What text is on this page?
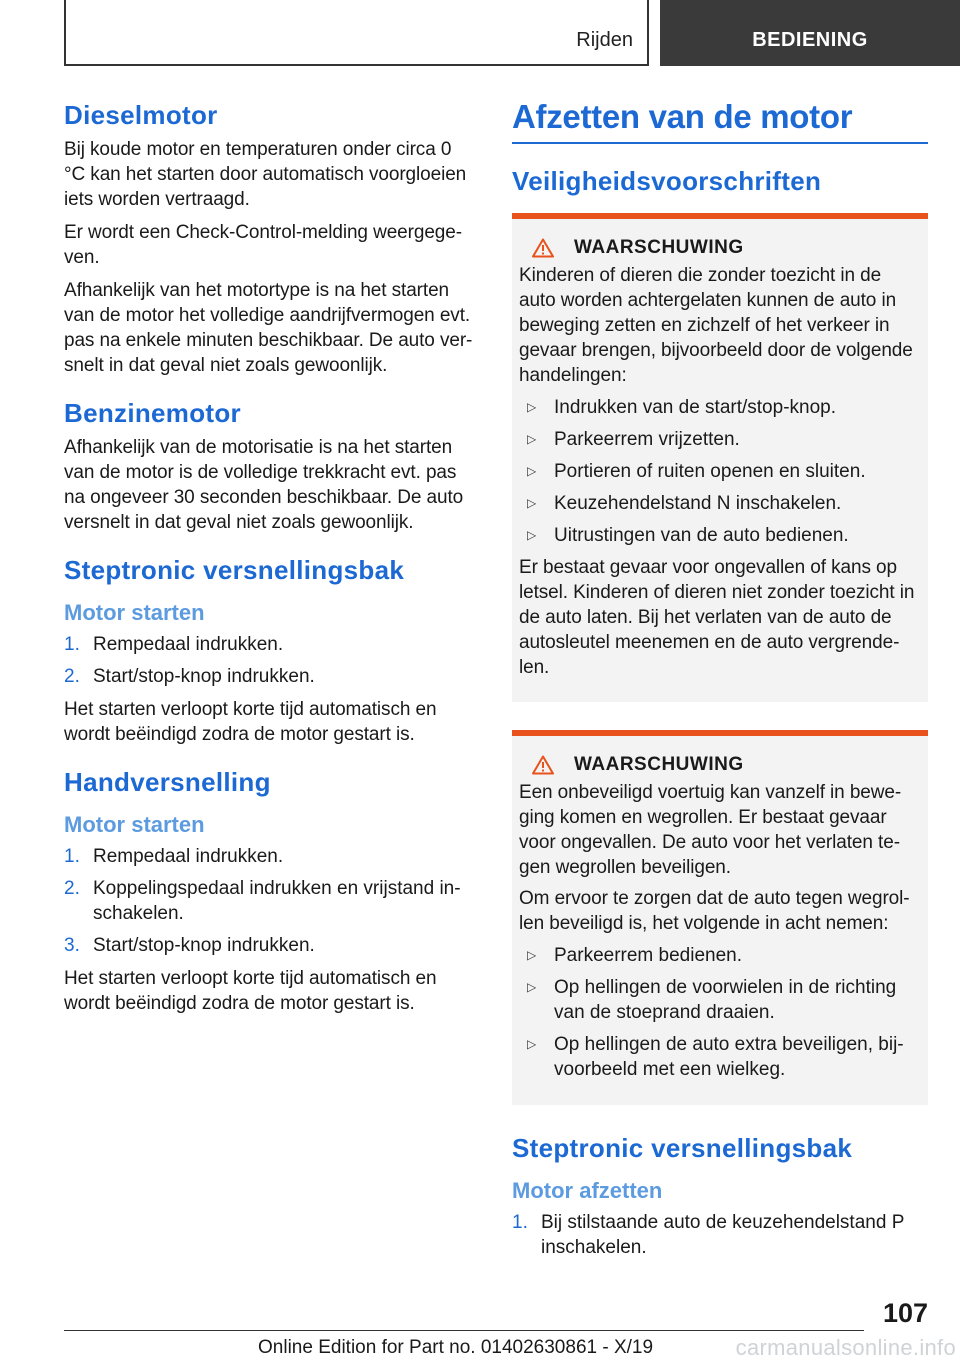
Rijden	BEDIENING
Dieselmotor

Bij koude motor en temperaturen onder circa 0 °C kan het starten door automatisch voorgloeien iets worden vertraagd.

Er wordt een Check-Control-melding weergegeven.

Afhankelijk van het motortype is na het starten van de motor het volledige aandrijfvermogen evt. pas na enkele minuten beschikbaar. De auto versnelt in dat geval niet zoals gewoonlijk.

Benzinemotor

Afhankelijk van de motorisatie is na het starten van de motor is de volledige trekkracht evt. pas na ongeveer 30 seconden beschikbaar. De auto versnelt in dat geval niet zoals gewoonlijk.

Steptronic versnellingsbak
Motor starten
1. Rempedaal indrukken.
2. Start/stop-knop indrukken.

Het starten verloopt korte tijd automatisch en wordt beëindigd zodra de motor gestart is.

Handversnelling
Motor starten
1. Rempedaal indrukken.
2. Koppelingspedaal indrukken en vrijstand inschakelen.
3. Start/stop-knop indrukken.

Het starten verloopt korte tijd automatisch en wordt beëindigd zodra de motor gestart is.

Afzetten van de motor
Veiligheidsvoorschriften
WAARSCHUWING

Kinderen of dieren die zonder toezicht in de auto worden achtergelaten kunnen de auto in beweging zetten en zichzelf of het verkeer in gevaar brengen, bijvoorbeeld door de volgende handelingen:

▷ Indrukken van de start/stop-knop.
▷ Parkeerrem vrijzetten.
▷ Portieren of ruiten openen en sluiten.
▷ Keuzehendelstand N inschakelen.
▷ Uitrustingen van de auto bedienen.

Er bestaat gevaar voor ongevallen of kans op letsel. Kinderen of dieren niet zonder toezicht in de auto laten. Bij het verlaten van de auto de autosleutel meenemen en de auto vergrendelen.

WAARSCHUWING

Een onbeveiligd voertuig kan vanzelf in beweging komen en wegrollen. Er bestaat gevaar voor ongevallen. De auto voor het verlaten tegen wegrollen beveiligen.

Om ervoor te zorgen dat de auto tegen wegrollen beveiligd is, het volgende in acht nemen:

▷ Parkeerrem bedienen.
▷ Op hellingen de voorwielen in de richting van de stoeprand draaien.
▷ Op hellingen de auto extra beveiligen, bijvoorbeeld met een wielkeg.
Steptronic versnellingsbak
Motor afzetten
1. Bij stilstaande auto de keuzehendelstand P inschakelen.
107
Online Edition for Part no. 01402630861 - X/19	carmanualsonline.info
